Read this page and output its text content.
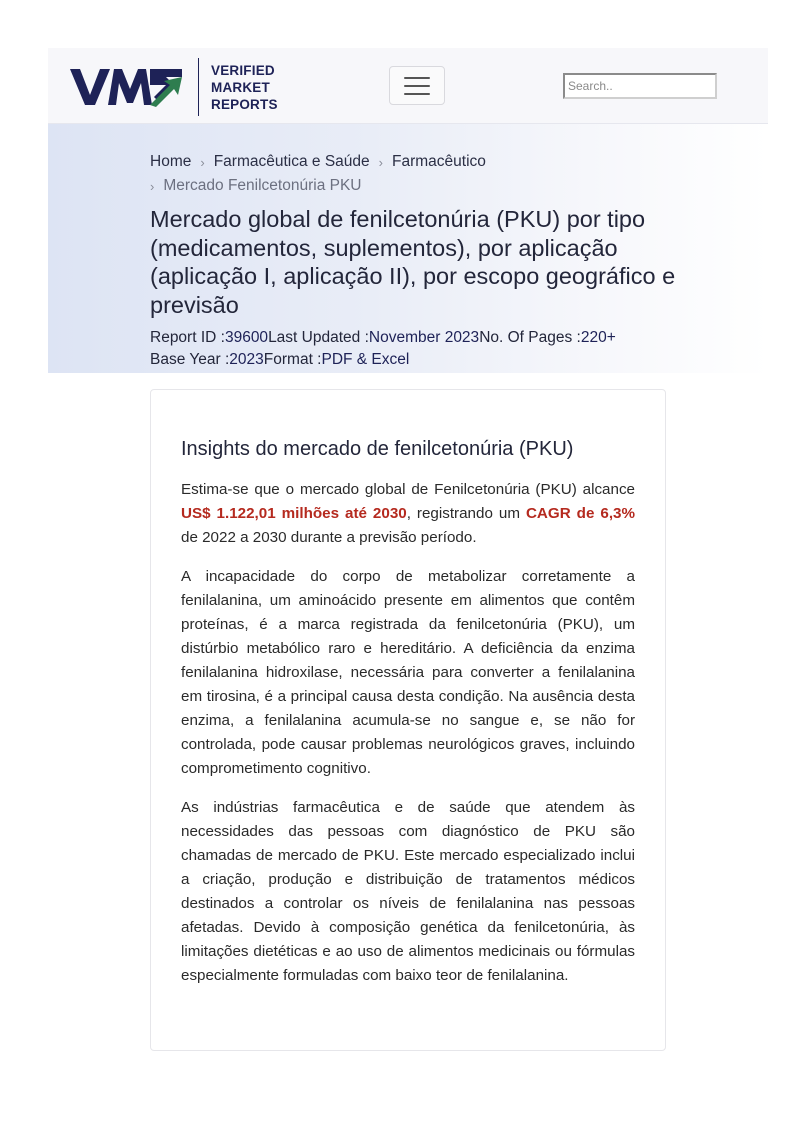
VERIFIED
MARKET
REPORTS
Search..
Home › Farmacêutica e Saúde › Farmacêutico
› Mercado Fenilcetonúria PKU
Mercado global de fenilcetonúria (PKU) por tipo (medicamentos, suplementos), por aplicação (aplicação I, aplicação II), por escopo geográfico e previsão
Report ID : 39600 Last Updated : November 2023 No. Of Pages : 220+
Base Year : 2023 Format : PDF & Excel
Insights do mercado de fenilcetonúria (PKU)

Estima-se que o mercado global de Fenilcetonúria (PKU) alcance US$ 1.122,01 milhões até 2030, registrando um CAGR de 6,3% de 2022 a 2030 durante a previsão período.

A incapacidade do corpo de metabolizar corretamente a fenilalanina, um aminoácido presente em alimentos que contêm proteínas, é a marca registrada da fenilcetonúria (PKU), um distúrbio metabólico raro e hereditário. A deficiência da enzima fenilalanina hidroxilase, necessária para converter a fenilalanina em tirosina, é a principal causa desta condição. Na ausência desta enzima, a fenilalanina acumula-se no sangue e, se não for controlada, pode causar problemas neurológicos graves, incluindo comprometimento cognitivo.

As indústrias farmacêutica e de saúde que atendem às necessidades das pessoas com diagnóstico de PKU são chamadas de mercado de PKU. Este mercado especializado inclui a criação, produção e distribuição de tratamentos médicos destinados a controlar os níveis de fenilalanina nas pessoas afetadas. Devido à composição genética da fenilcetonúria, às limitações dietéticas e ao uso de alimentos medicinais ou fórmulas especialmente formuladas com baixo teor de fenilalanina.
